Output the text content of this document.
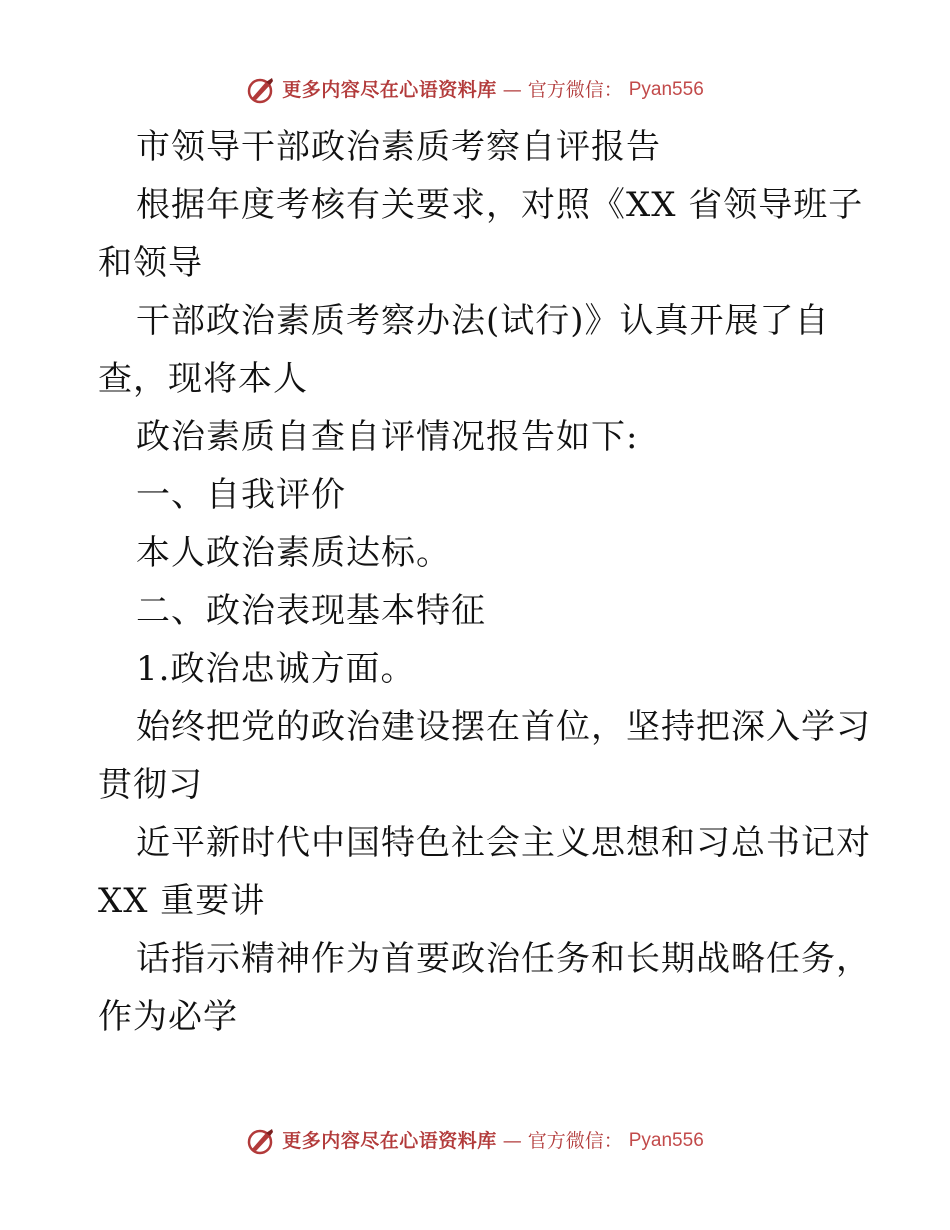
更多内容尽在心语资料库 — 官方微信： Pyan556
市领导干部政治素质考察自评报告
根据年度考核有关要求，对照《XX 省领导班子
和领导
干部政治素质考察办法(试行)》认真开展了自
查，现将本人
政治素质自查自评情况报告如下:
一、自我评价
本人政治素质达标。
二、政治表现基本特征
1.政治忠诚方面。
始终把党的政治建设摆在首位，坚持把深入学习
贯彻习
近平新时代中国特色社会主义思想和习总书记对
XX 重要讲
话指示精神作为首要政治任务和长期战略任务，
作为必学
更多内容尽在心语资料库 — 官方微信： Pyan556
